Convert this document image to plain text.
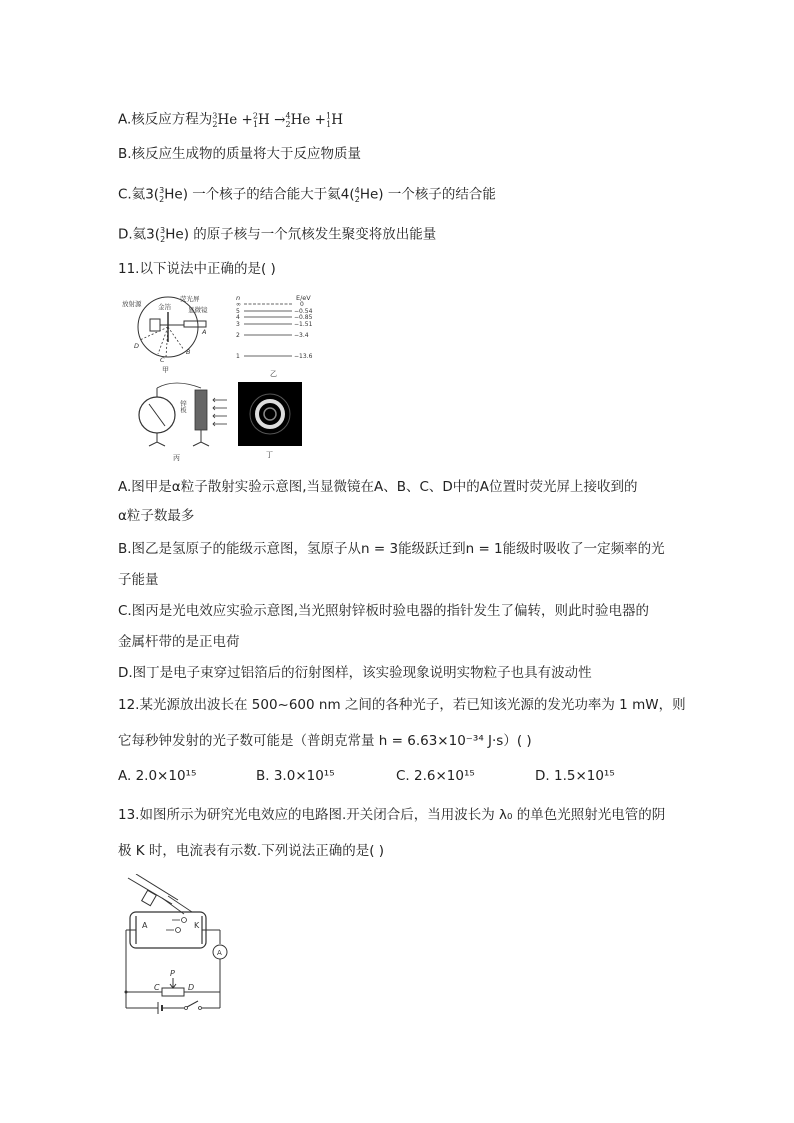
A.核反应方程为$^3_2$He +$^2_1$H →$^4_2$He +$^1_1$H
B.核反应生成物的质量将大于反应物质量
C.氦3($^3_2$He) 一个核子的结合能大于氦4($^4_2$He) 一个核子的结合能
D.氦3($^3_2$He) 的原子核与一个氘核发生聚变将放出能量
11.以下说法中正确的是( )
放射源	金箔
荧光屏
显微镜
A
B
C
D
甲
n	E/eV
∞	0
5	−0.54
4	−0.85
3	−1.51
2	−3.4
1	−13.6
乙
锌板
丙	丁
A.图甲是α粒子散射实验示意图,当显微镜在A、B、C、D中的A位置时荧光屏上接收到的
α粒子数最多
B.图乙是氢原子的能级示意图，氢原子从n = 3能级跃迁到n = 1能级时吸收了一定频率的光
子能量
C.图丙是光电效应实验示意图,当光照射锌板时验电器的指针发生了偏转，则此时验电器的
金属杆带的是正电荷
D.图丁是电子束穿过铝箔后的衍射图样，该实验现象说明实物粒子也具有波动性
12.某光源放出波长在 500~600 nm 之间的各种光子，若已知该光源的发光功率为 1 mW，则
它每秒钟发射的光子数可能是（普朗克常量 h = 6.63×10⁻³⁴ J·s）( )
A. 2.0×10¹⁵	B. 3.0×10¹⁵	C. 2.6×10¹⁵	D. 1.5×10¹⁵
13.如图所示为研究光电效应的电路图.开关闭合后，当用波长为 λ₀ 的单色光照射光电管的阴
极 K 时，电流表有示数.下列说法正确的是( )
A	K
A
P
C	D
